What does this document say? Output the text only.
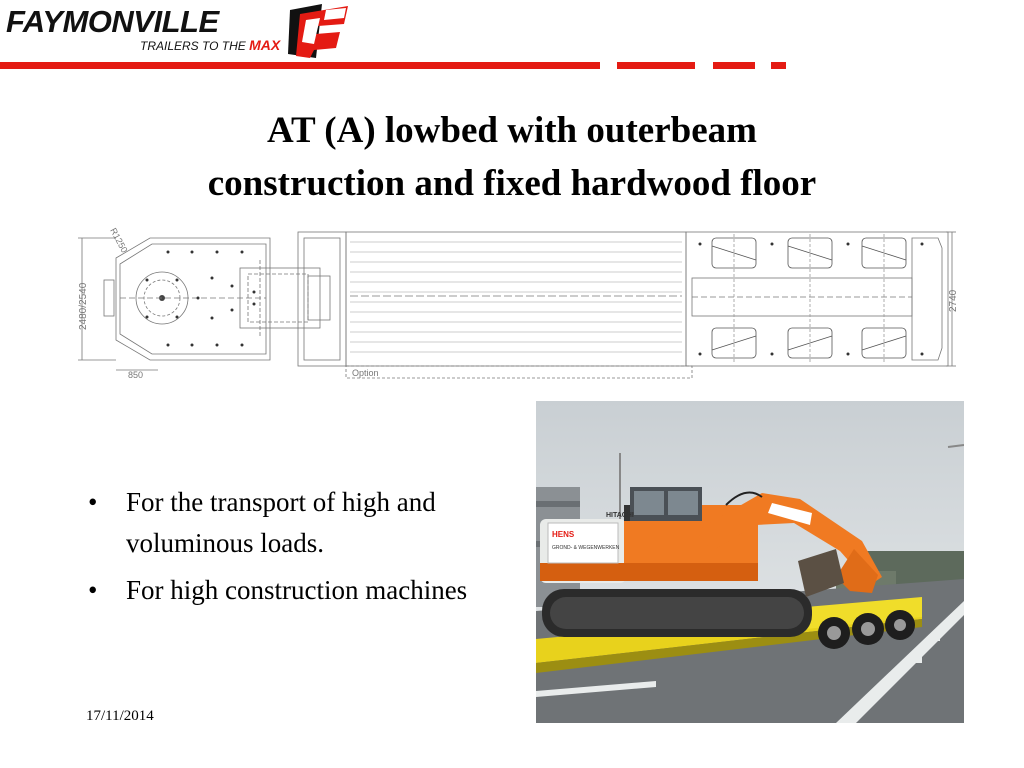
FAYMONVILLE
TRAILERS TO THE MAX
AT (A) lowbed with outerbeam
construction and fixed hardwood floor
R1250
2480/2540
850	Option
2740
• For the transport of high and voluminous loads.
• For high construction machines
HENS
GROND- & WEGENWERKEN
HITACHI
17/11/2014
